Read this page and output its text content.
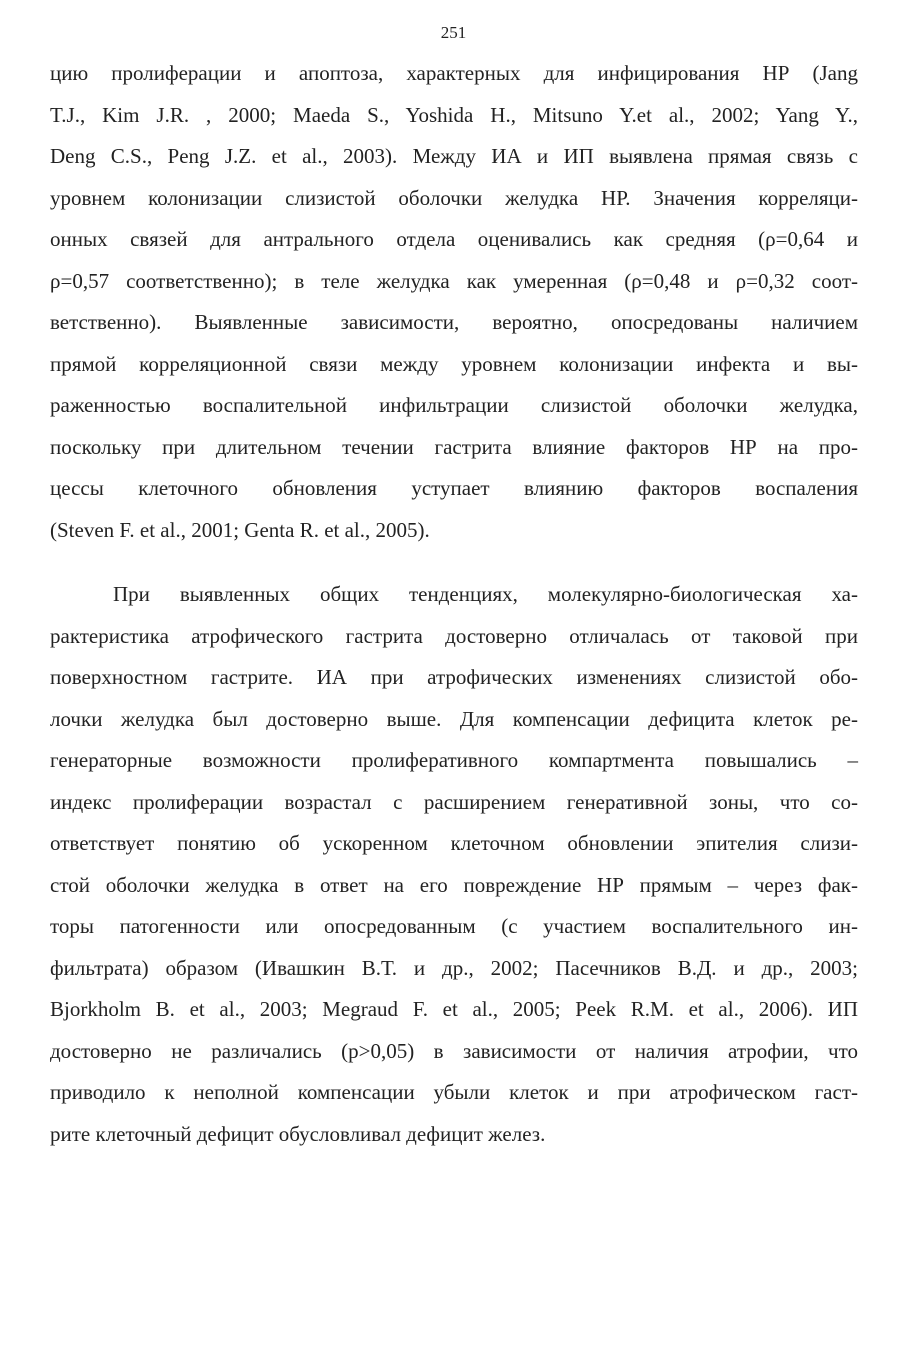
251
цию пролиферации и апоптоза, характерных для инфицирования НР (Jang
T.J., Kim J.R. , 2000; Maeda S., Yoshida H., Mitsuno Y.et al., 2002; Yang Y.,
Deng C.S., Peng J.Z. et al., 2003). Между ИА и ИП выявлена прямая связь с
уровнем колонизации слизистой оболочки желудка НР. Значения корреляци-
онных связей для антрального отдела оценивались как средняя (ρ=0,64 и
ρ=0,57 соответственно); в теле желудка как умеренная (ρ=0,48 и ρ=0,32 соот-
ветственно). Выявленные зависимости, вероятно, опосредованы наличием
прямой корреляционной связи между уровнем колонизации инфекта и вы-
раженностью воспалительной инфильтрации слизистой оболочки желудка,
поскольку при длительном течении гастрита влияние факторов НР на про-
цессы клеточного обновления уступает влиянию факторов воспаления
(Steven F. et al., 2001; Genta R. et al., 2005).
При выявленных общих тенденциях, молекулярно-биологическая ха-
рактеристика атрофического гастрита достоверно отличалась от таковой при
поверхностном гастрите. ИА при атрофических изменениях слизистой обо-
лочки желудка был достоверно выше. Для компенсации дефицита клеток ре-
генераторные возможности пролиферативного компартмента повышались –
индекс пролиферации возрастал с расширением генеративной зоны, что со-
ответствует понятию об ускоренном клеточном обновлении эпителия слизи-
стой оболочки желудка в ответ на его повреждение НР прямым – через фак-
торы патогенности или опосредованным (с участием воспалительного ин-
фильтрата) образом (Ивашкин В.Т. и др., 2002; Пасечников В.Д. и др., 2003;
Bjorkholm B. et al., 2003; Megraud F. et al., 2005; Peek R.M. et al., 2006). ИП
достоверно не различались (p>0,05) в зависимости от наличия атрофии, что
приводило к неполной компенсации убыли клеток и при атрофическом гаст-
рите клеточный дефицит обусловливал дефицит желез.
